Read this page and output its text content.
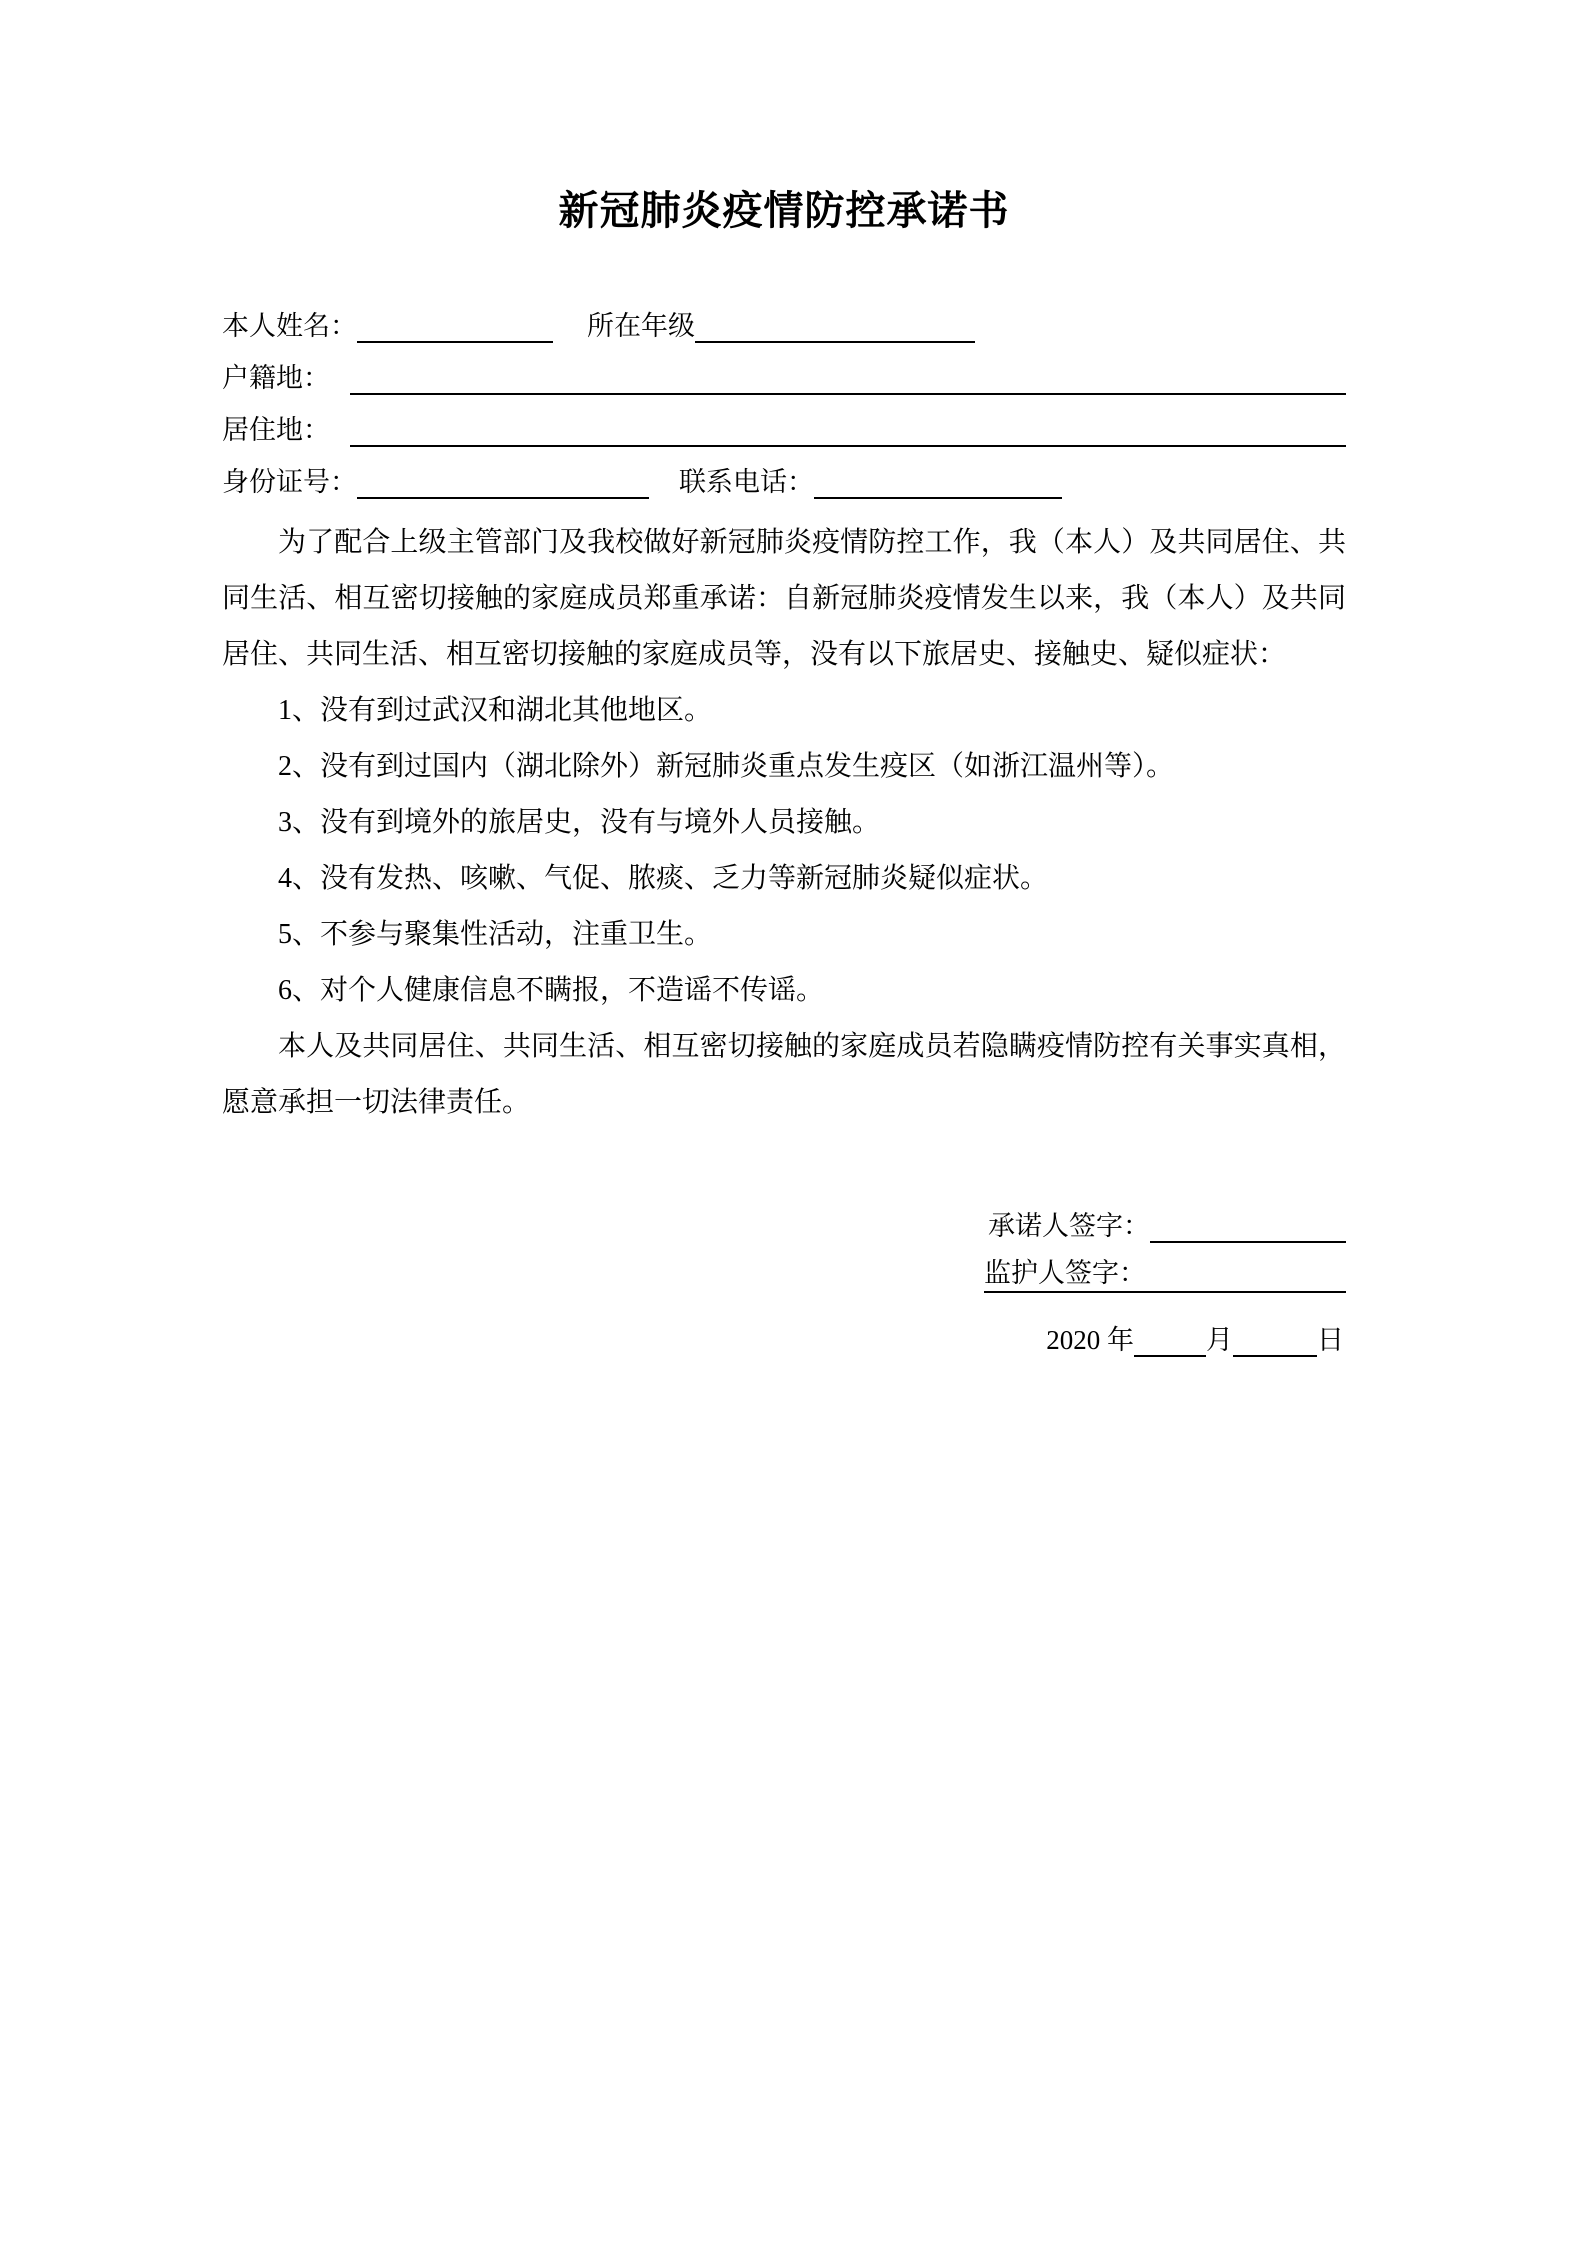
新冠肺炎疫情防控承诺书
本人姓名：	所在年级
户籍地：
居住地：
身份证号：	联系电话：

为了配合上级主管部门及我校做好新冠肺炎疫情防控工作，我（本人）及共同居住、共同生活、相互密切接触的家庭成员郑重承诺：自新冠肺炎疫情发生以来，我（本人）及共同居住、共同生活、相互密切接触的家庭成员等，没有以下旅居史、接触史、疑似症状：

1、没有到过武汉和湖北其他地区。
2、没有到过国内（湖北除外）新冠肺炎重点发生疫区（如浙江温州等）。
3、没有到境外的旅居史，没有与境外人员接触。
4、没有发热、咳嗽、气促、脓痰、乏力等新冠肺炎疑似症状。
5、不参与聚集性活动，注重卫生。
6、对个人健康信息不瞒报，不造谣不传谣。

本人及共同居住、共同生活、相互密切接触的家庭成员若隐瞒疫情防控有关事实真相，愿意承担一切法律责任。

承诺人签字：
监护人签字：
2020 年	月	日
